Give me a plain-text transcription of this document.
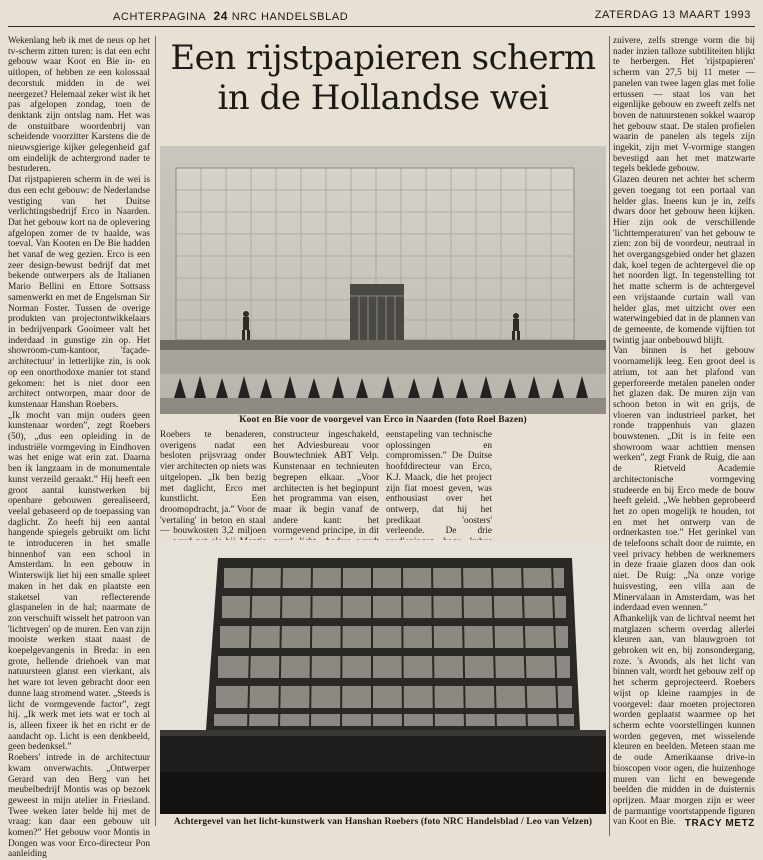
ACHTERPAGINA 24 NRC HANDELSBLAD	ZATERDAG 13 MAART 1993
Een rijstpapieren scherm in de Hollandse wei

Wekenlang heb ik met de neus op het tv-scherm zitten turen: is dat een echt gebouw waar Koot en Bie in- en uitlopen, of hebben ze een kolossaal decorstuk midden in de wei neergezet? Helemaal zeker wist ik het pas afgelopen zondag, toen de denktank zijn ontslag nam. Het was de onstuitbare woordenbrij van scheidende voorzitter Karstens die de nieuwsgierige kijker gelegenheid gaf om eindelijk de achtergrond nader te bestuderen.

Dat rijstpapieren scherm in de wei is dus een echt gebouw: de Nederlandse vestiging van het Duitse verlichtingsbedrijf Erco in Naarden. Dat het gebouw kort na de oplevering afgelopen zomer de tv haalde, was toeval. Van Kooten en De Bie hadden het vanaf de weg gezien. Erco is een zeer design-bewust bedrijf dat met bekende ontwerpers als de Italianen Mario Bellini en Ettore Sottsass samenwerkt en met de Engelsman Sir Norman Foster. Tussen de overige produkten van projectontwikkelaars in bedrijvenpark Gooimeer valt het inderdaad in gunstige zin op. Het showroom-cum-kantoor, 'façade-architectuur' in letterlijke zin, is ook op een onorthodoxe manier tot stand gekomen: het is niet door een architect ontworpen, maar door de kunstenaar Hanshan Roebers.

„Ik mocht van mijn ouders geen kunstenaar worden”, zegt Roebers (50), „dus een opleiding in de industriële vormgeving in Eindhoven was het enige wat erin zat. Daarna ben ik langzaam in de monumentale kunst verzeild geraakt.” Hij heeft een groot aantal kunstwerken bij openbare gebouwen gerealiseerd, veelal gebaseerd op de toepassing van daglicht. Zo heeft hij een aantal hangende spiegels gebruikt om licht te introduceren in het smalle binnenhof van een school in Amsterdam. In een gebouw in Winterswijk liet hij een smalle spleet maken in het dak en plaatste een staketsel van reflecterende glaspanelen in de hal; naarmate de zon verschuift wisselt het patroon van 'lichtvegen' op de muren. Een van zijn mooiste werken staat naast de koepelgevangenis in Breda: in een grote, hellende driehoek van mat natuursteen glanst een vierkant, als het ware tot leven gebracht door een dunne laag stromend water. „Steeds is licht de vormgevende factor”, zegt hij. „Ik werk met iets wat er toch al is, alleen fixeer ik het en richt er de aandacht op. Licht is een denkbeeld, geen bedenksel.”

Roebers' intrede in de architectuur kwam onverwachts. „Ontwerper Gerard van den Berg van het meubelbedrijf Montis was op bezoek geweest in mijn atelier in Friesland. Twee weken later belde hij met de vraag: kan daar een gebouw uit komen?” Het gebouw voor Montis in Dongen was voor Erco-directeur Pon aanleiding

zuivere, zelfs strenge vorm die bij nader inzien talloze subtiliteiten blijkt te herbergen. Het 'rijstpapieren' scherm van 27,5 bij 11 meter — panelen van twee lagen glas met folie ertussen — staat los van het eigenlijke gebouw en zweeft zelfs net boven de natuurstenen sokkel waarop het gebouw staat. De stalen profielen waarin de panelen als tegels zijn ingekit, zijn met V-vormige stangen bevestigd aan het met matzwarte tegels beklede gebouw.

Glazen deuren net achter het scherm geven toegang tot een portaal van helder glas. Ineens kun je in, zelfs dwars door het gebouw heen kijken. Hier zijn ook de verschillende 'lichttemperaturen' van het gebouw te zien: zon bij de voordeur, neutraal in het overgangsgebied onder het glazen dak, koel tegen de achtergevel die op het noorden ligt. In tegenstelling tot het matte scherm is de achtergevel een vrijstaande curtain wall van helder glas, met uitzicht over een waterwingebied dat in de plannen van de gemeente, de komende vijftien tot twintig jaar onbebouwd blijft.

Van binnen is het gebouw voornamelijk leeg. Een groot deel is atrium, tot aan het plafond van geperforeerde metalen panelen onder het glazen dak. De muren zijn van schoon beton in wit en grijs, de vloeren van industrieel parket, het ronde trappenhuis van glazen bouwstenen. „Dit is in feite een showroom waar achttien mensen werken”, zegt Frank de Ruig, die aan de Rietveld Academie architectonische vormgeving studeerde en bij Erco mede de bouw heeft geleid. „We hebben geprobeerd het zo open mogelijk te houden, tot en met het ontwerp van de ordnerkasten toe.” Het gerinkel van de telefoons schalt door de ruimte, en veel privacy hebben de werknemers in deze fraaie glazen doos dan ook niet. De Ruig: „Na onze vorige huisvesting, een villa aan de Minervalaan in Amsterdam, was het inderdaad even wennen.”

Afhankelijk van de lichtval neemt het matglazen scherm overdag allerlei kleuren aan, van blauwgroen tot gebroken wit en, bij zonsondergang, roze. 's Avonds, als het licht van binnen valt, wordt het gebouw zelf op het scherm geprojecteerd. Roebers wijst op kleine raampjes in de voorgevel: daar moeten projectoren worden geplaatst waarmee op het scherm echte voorstellingen kunnen worden gegeven, met wisselende kleuren en beelden. Meteen staan me de oude Amerikaanse drive-in bioscopen voor ogen, die huizenhoge muren van licht en bewegende beelden die midden in de duisternis oprijzen. Maar morgen zijn er weer de parmantige voortstappende figuren van Koot en Bie.

Koot en Bie voor de voorgevel van Erco in Naarden (foto Roel Bazen)

Roebers te benaderen, overigens nadat een besloten prijsvraag onder vier architecten op niets was uitgelopen. „Ik ben bezig met daglicht, Erco met kunstlicht. Een droomopdracht, ja.” Voor de 'vertaling' in beton en staal — bouwkosten 3,2 miljoen

constructeur ingeschakeld, het Adviesbureau voor Bouwtechniek ABT Velp. Kunstenaar en technieuten begrepen elkaar. „Voor architecten is het beginpunt het programma van eisen, maar ik begin vanaf de andere kant: het vormgevend principe, in dit

eenstapeling van technische oplossingen en compromissen.” De Duitse hoofddirecteur van Erco, K.J. Maack, die het project zijn fiat moest geven, was enthousiast over het ontwerp, dat hij het predikaat 'oosters' verleende. De drie

Achtergevel van het licht-kunstwerk van Hanshan Roebers (foto NRC Handelsblad / Leo van Velzen)	TRACY METZ
